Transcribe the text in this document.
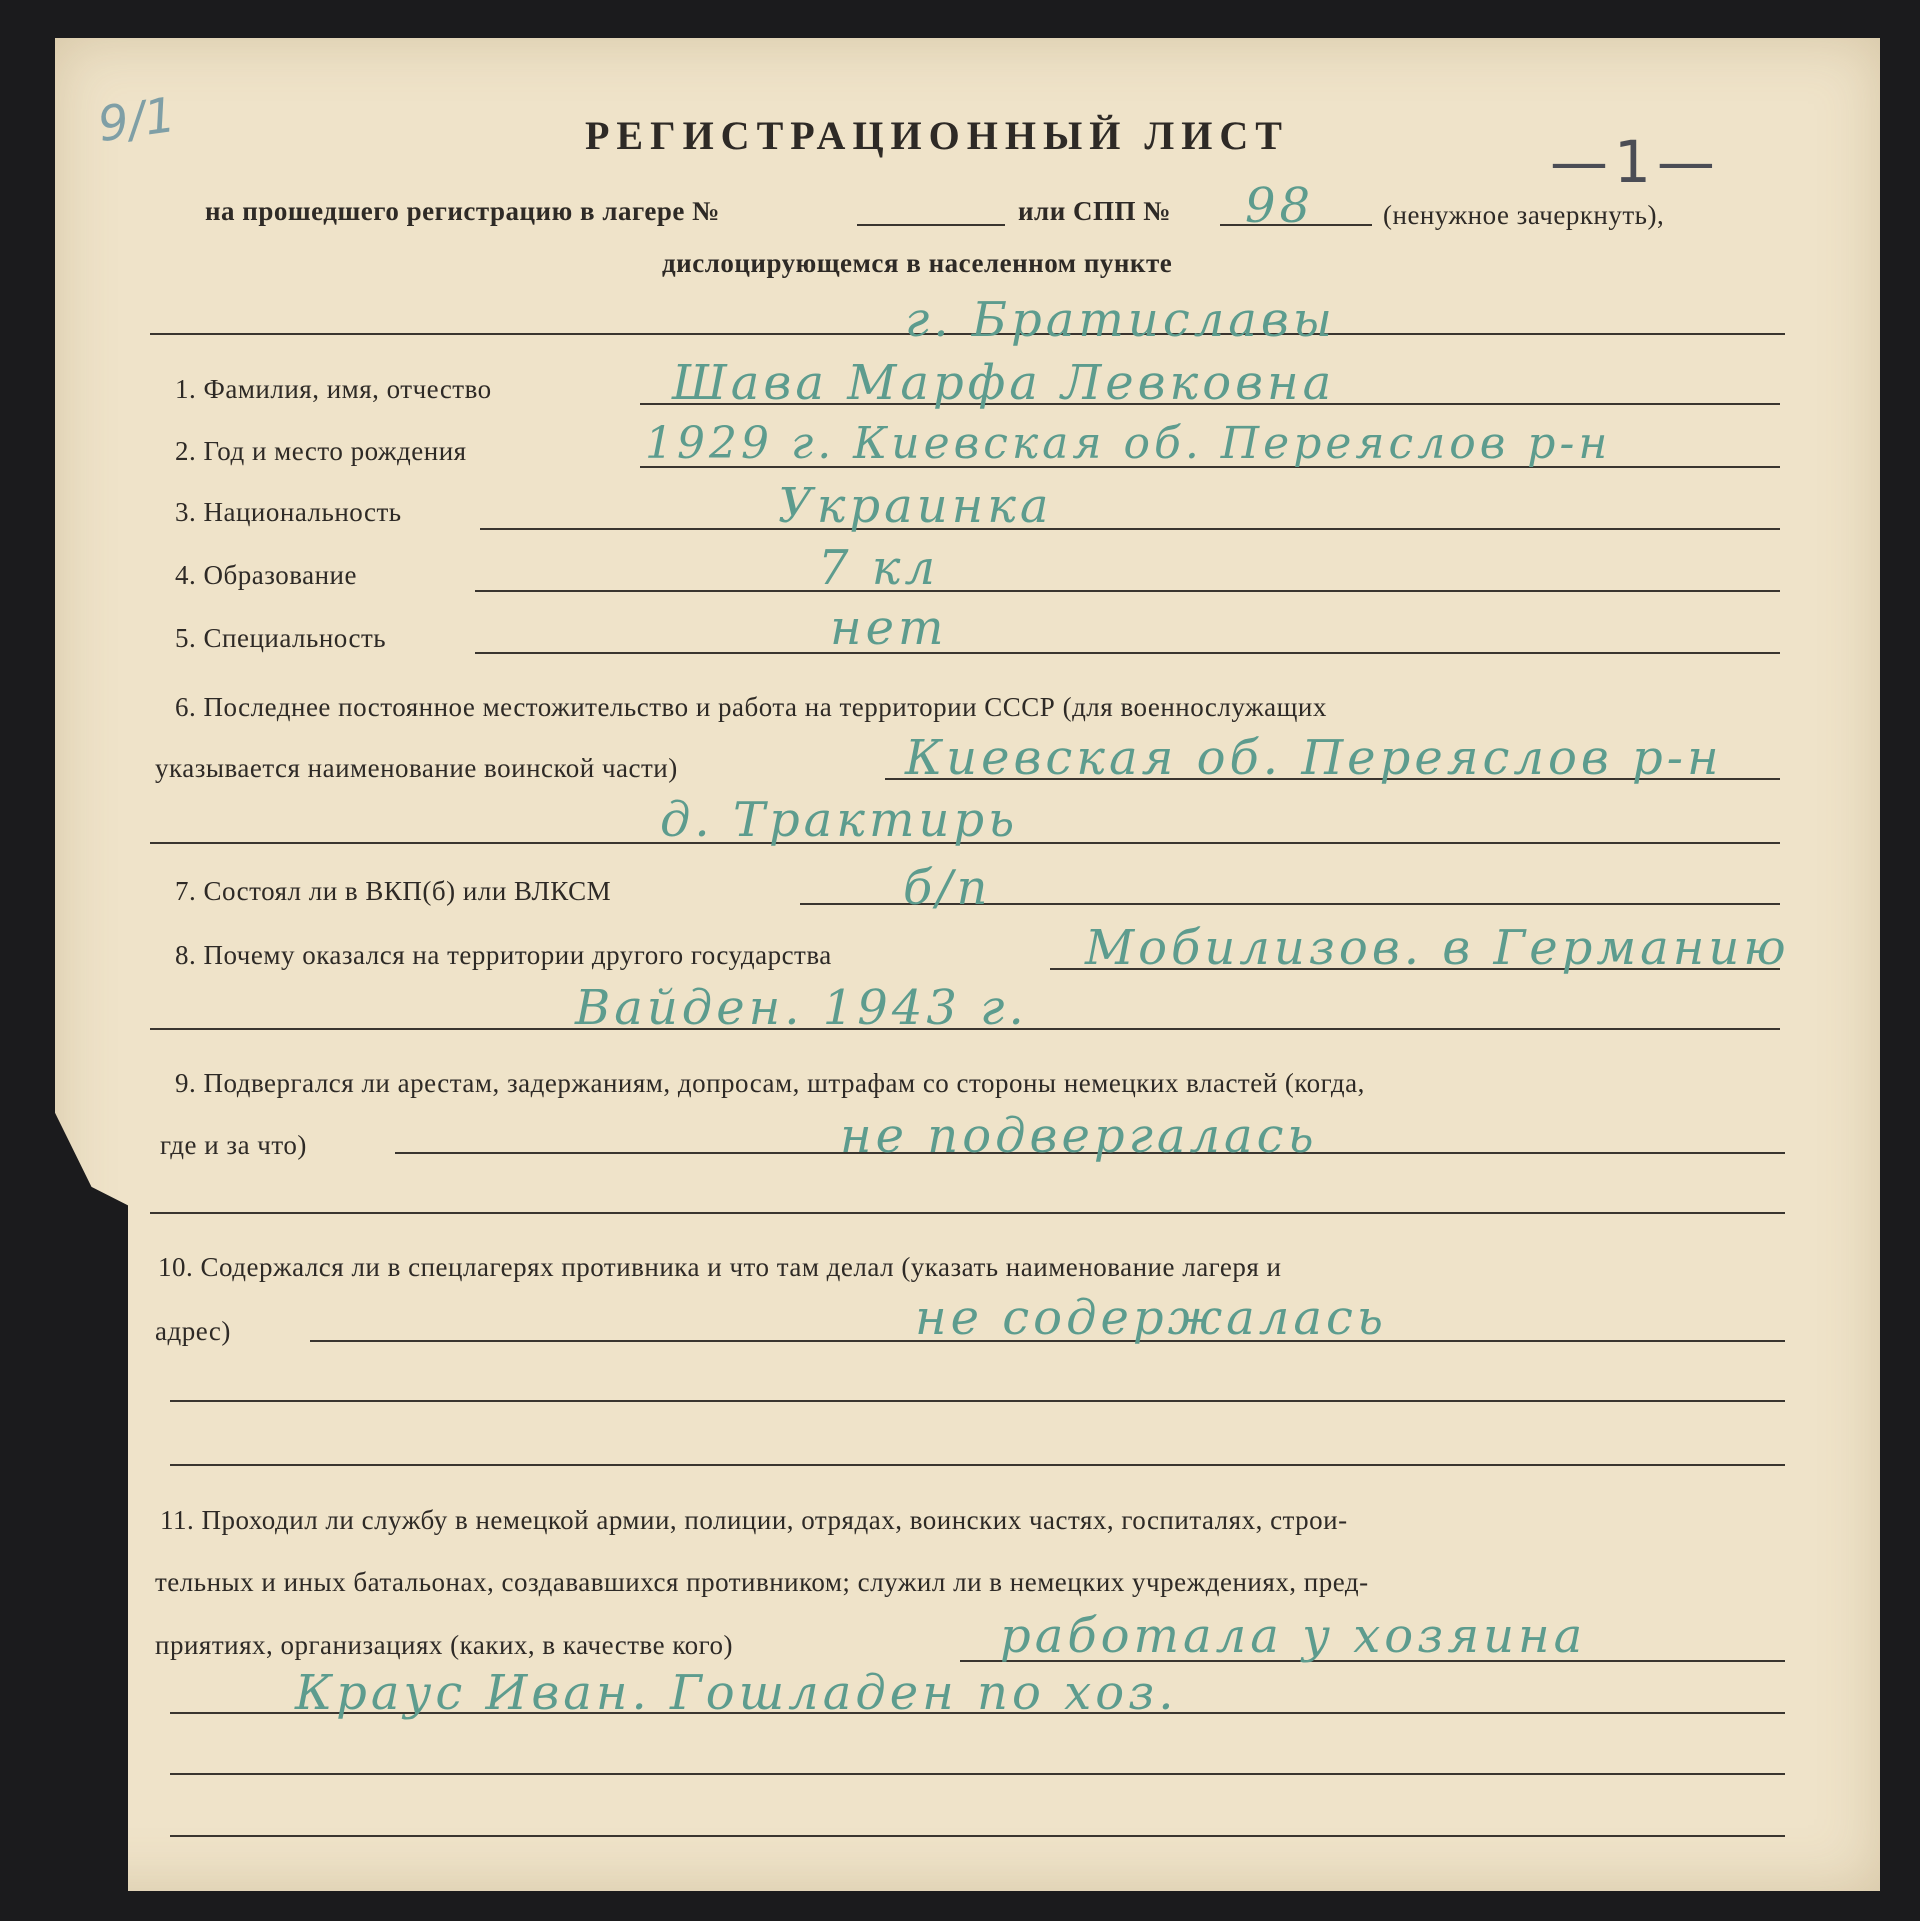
9/1
—1—
РЕГИСТРАЦИОННЫЙ ЛИСТ
на прошедшего регистрацию в лагере №	или СПП № 98	(ненужное зачеркнуть),
дислоцирующемся в населенном пункте
г. Братиславы
1. Фамилия, имя, отчество	Шава Марфа Левковна
2. Год и место рождения	1929 г. Киевская об. Переяслов р-н
3. Национальность	Украинка
4. Образование	7 кл
5. Специальность	нет
6. Последнее постоянное местожительство и работа на территории СССР (для военнослужащих
указывается наименование воинской части)	Киевская об. Переяслов р-н
д. Трактирь
7. Состоял ли в ВКП(б) или ВЛКСМ	б/п
8. Почему оказался на территории другого государства	Мобилизов. в Германию
Вайден. 1943 г.
9. Подвергался ли арестам, задержаниям, допросам, штрафам со стороны немецких властей (когда,
где и за что)	не подвергалась
10. Содержался ли в спецлагерях противника и что там делал (указать наименование лагеря и
адрес)	не содержалась
11. Проходил ли службу в немецкой армии, полиции, отрядах, воинских частях, госпиталях, строи-
тельных и иных батальонах, создававшихся противником; служил ли в немецких учреждениях, пред-
приятиях, организациях (каких, в качестве кого)	работала у хозяина
Краус Иван. Гошладен по хоз.
